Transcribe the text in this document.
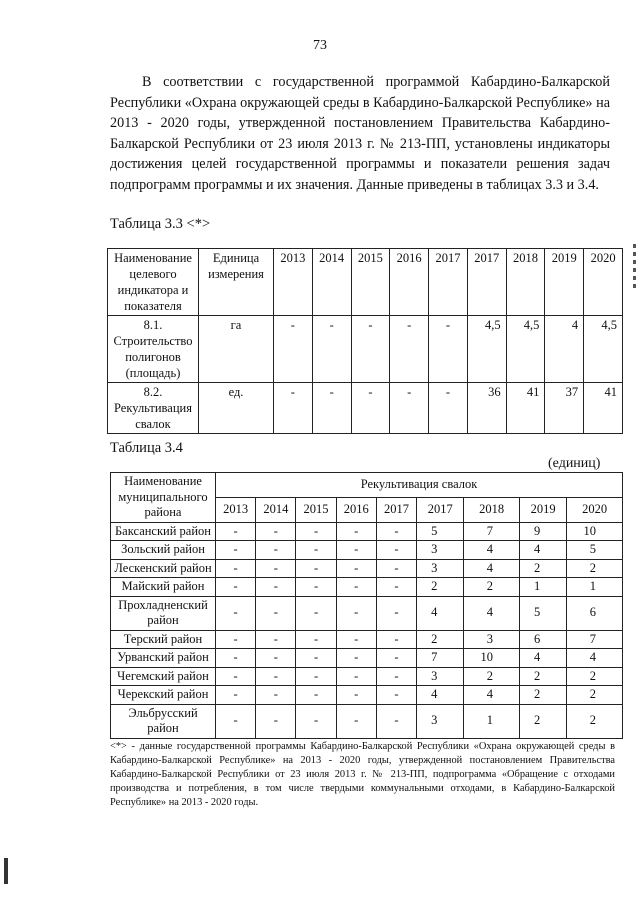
73

В соответствии с государственной программой Кабардино-Балкарской Республики «Охрана окружающей среды в Кабардино-Балкарской Республике» на 2013 - 2020 годы, утвержденной постановлением Правительства Кабардино-Балкарской Республики от 23 июля 2013 г. № 213-ПП, установлены индикаторы достижения целей государственной программы и показатели решения задач подпрограмм программы и их значения. Данные приведены в таблицах 3.3 и 3.4.

Таблица 3.3 <*>
Наименование целевого индикатора и показателя	Единица измерения	2013	2014	2015	2016	2017	2017	2018	2019	2020
8.1. Строительство полигонов (площадь)	га	-	-	-	-	-	4,5	4,5	4	4,5
8.2. Рекультивация свалок	ед.	-	-	-	-	-	36	41	37	41
Таблица 3.4
(единиц)
Наименование муниципального района	Рекультивация свалок								
	2013	2014	2015	2016	2017	2017	2018	2019	2020
Баксанский район	-	-	-	-	-	5	7	9	10
Зольский район	-	-	-	-	-	3	4	4	5
Лескенский район	-	-	-	-	-	3	4	2	2
Майский район	-	-	-	-	-	2	2	1	1
Прохладненский район	-	-	-	-	-	4	4	5	6
Терский район	-	-	-	-	-	2	3	6	7
Урванский район	-	-	-	-	-	7	10	4	4
Чегемский район	-	-	-	-	-	3	2	2	2
Черекский район	-	-	-	-	-	4	4	2	2
Эльбрусский район	-	-	-	-	-	3	1	2	2

<*> - данные государственной программы Кабардино-Балкарской Республики «Охрана окружающей среды в Кабардино-Балкарской Республике» на 2013 - 2020 годы, утвержденной постановлением Правительства Кабардино-Балкарской Республики от 23 июля 2013 г. № 213-ПП, подпрограмма «Обращение с отходами производства и потребления, в том числе твердыми коммунальными отходами, в Кабардино-Балкарской Республике» на 2013 - 2020 годы.
